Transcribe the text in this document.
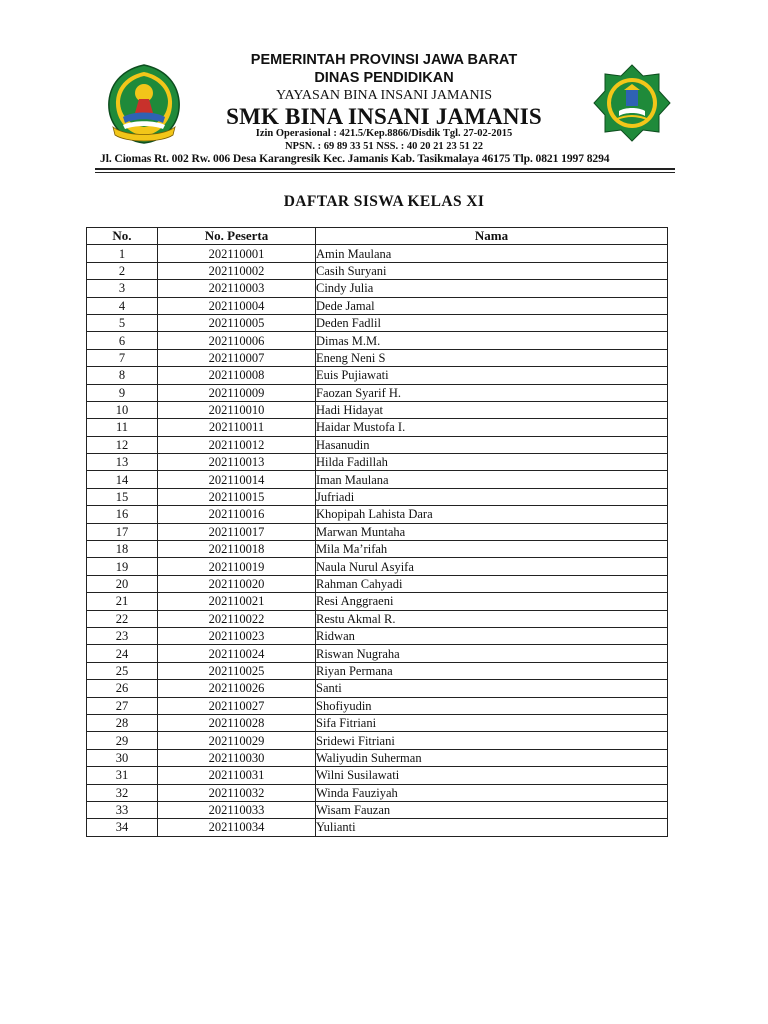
PEMERINTAH PROVINSI JAWA BARAT
DINAS PENDIDIKAN
YAYASAN BINA INSANI JAMANIS
SMK BINA INSANI JAMANIS
Izin Operasional : 421.5/Kep.8866/Disdik Tgl. 27-02-2015
NPSN. : 69 89 33 51 NSS. : 40 20 21 23 51 22
Jl. Ciomas Rt. 002 Rw. 006 Desa Karangresik Kec. Jamanis Kab. Tasikmalaya 46175 Tlp. 0821 1997 8294
DAFTAR SISWA KELAS XI
No.	No. Peserta	Nama
1	202110001	Amin Maulana
2	202110002	Casih Suryani
3	202110003	Cindy Julia
4	202110004	Dede Jamal
5	202110005	Deden Fadlil
6	202110006	Dimas M.M.
7	202110007	Eneng Neni S
8	202110008	Euis Pujiawati
9	202110009	Faozan Syarif H.
10	202110010	Hadi Hidayat
11	202110011	Haidar Mustofa I.
12	202110012	Hasanudin
13	202110013	Hilda Fadillah
14	202110014	Iman Maulana
15	202110015	Jufriadi
16	202110016	Khopipah Lahista Dara
17	202110017	Marwan Muntaha
18	202110018	Mila Ma’rifah
19	202110019	Naula Nurul Asyifa
20	202110020	Rahman Cahyadi
21	202110021	Resi Anggraeni
22	202110022	Restu Akmal R.
23	202110023	Ridwan
24	202110024	Riswan Nugraha
25	202110025	Riyan Permana
26	202110026	Santi
27	202110027	Shofiyudin
28	202110028	Sifa Fitriani
29	202110029	Sridewi Fitriani
30	202110030	Waliyudin Suherman
31	202110031	Wilni Susilawati
32	202110032	Winda Fauziyah
33	202110033	Wisam Fauzan
34	202110034	Yulianti
